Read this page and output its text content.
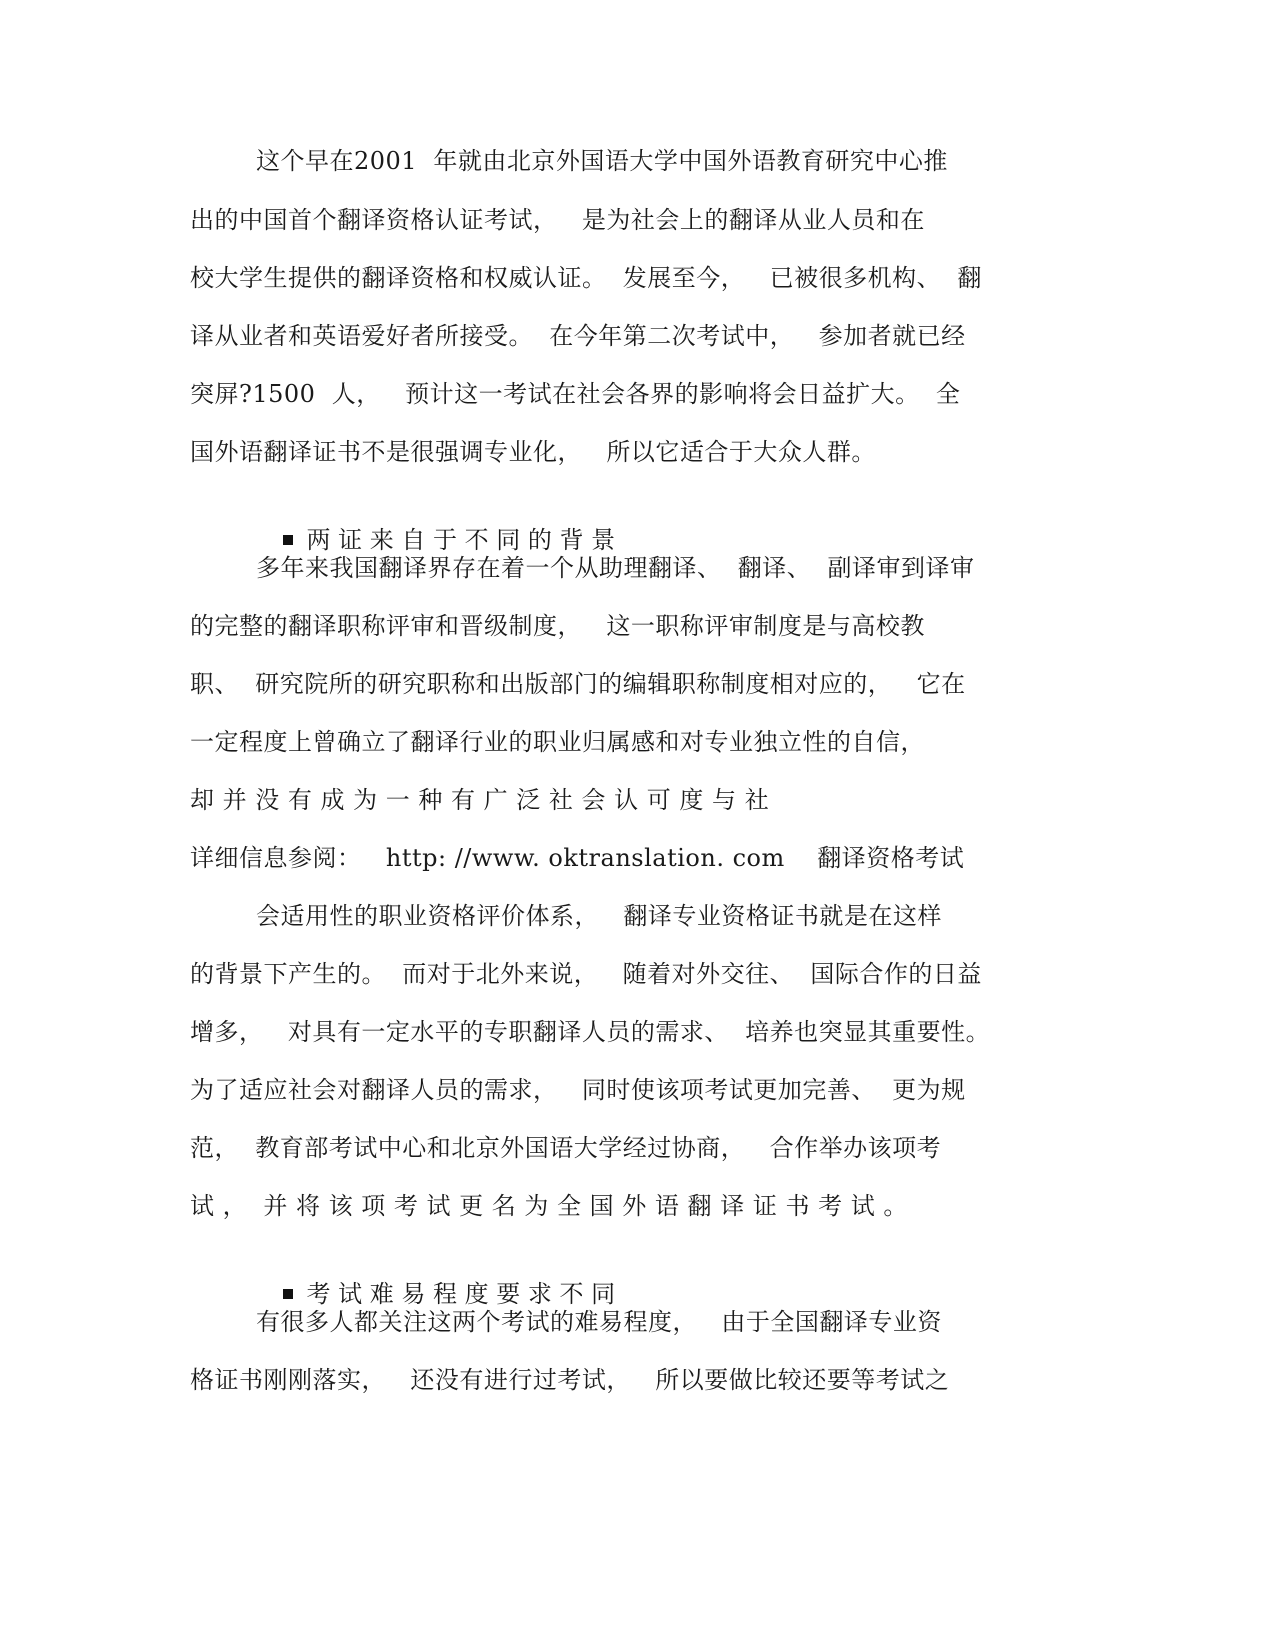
这个早在2001  年就由北京外国语大学中国外语教育研究中心推
出的中国首个翻译资格认证考试，   是为社会上的翻译从业人员和在
校大学生提供的翻译资格和权威认证。  发展至今，   已被很多机构、  翻
译从业者和英语爱好者所接受。  在今年第二次考试中，   参加者就已经
突屏?1500  人，   预计这一考试在社会各界的影响将会日益扩大。  全
国外语翻译证书不是很强调专业化，   所以它适合于大众人群。

两 证 来 自 于 不 同 的 背 景

多年来我国翻译界存在着一个从助理翻译、  翻译、  副译审到译审
的完整的翻译职称评审和晋级制度，   这一职称评审制度是与高校教
职、  研究院所的研究职称和出版部门的编辑职称制度相对应的，   它在
一定程度上曾确立了翻译行业的职业归属感和对专业独立性的自信，
却 并 没 有 成 为 一 种 有 广 泛 社 会 认 可 度 与 社
详细信息参阅：   http: //www. oktranslation. com    翻译资格考试
会适用性的职业资格评价体系，   翻译专业资格证书就是在这样
的背景下产生的。  而对于北外来说，   随着对外交往、  国际合作的日益
增多，   对具有一定水平的专职翻译人员的需求、  培养也突显其重要性。
为了适应社会对翻译人员的需求，   同时使该项考试更加完善、  更为规
范，  教育部考试中心和北京外国语大学经过协商，   合作举办该项考
试 ，  并 将 该 项 考 试 更 名 为 全 国 外 语 翻 译 证 书 考 试 。

考 试 难 易 程 度 要 求 不 同

有很多人都关注这两个考试的难易程度，   由于全国翻译专业资
格证书刚刚落实，   还没有进行过考试，   所以要做比较还要等考试之
